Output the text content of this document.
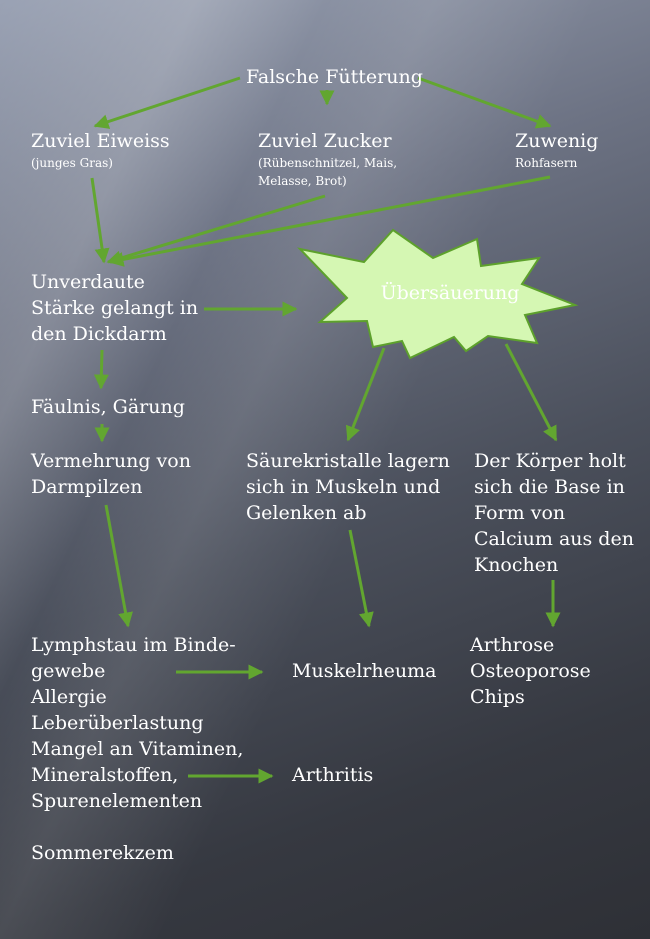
Übersäuerung
Falsche Fütterung
Zuviel Eiweiss
(junges Gras)
Zuviel Zucker
(Rübenschnitzel, Mais,
Melasse, Brot)
Zuwenig
Rohfasern
Unverdaute
Stärke gelangt in
den Dickdarm
Fäulnis, Gärung
Vermehrung von
Darmpilzen
Säurekristalle lagern
sich in Muskeln und
Gelenken ab
Der Körper holt
sich die Base in
Form von
Calcium aus den
Knochen
Lymphstau im Binde-
gewebe
Allergie
Leberüberlastung
Mangel an Vitaminen,
Mineralstoffen,
Spurenelementen

Sommerekzem
Muskelrheuma
Arthritis
Arthrose
Osteoporose
Chips
